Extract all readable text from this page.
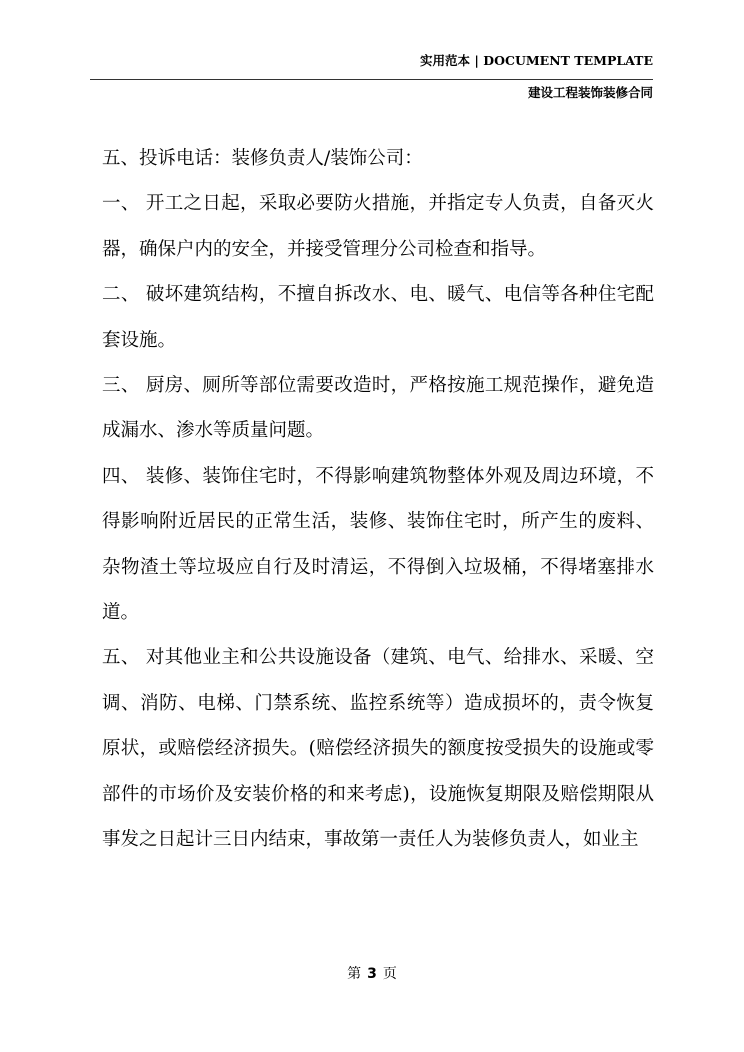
实用范本 | DOCUMENT TEMPLATE
建设工程装饰装修合同

五、投诉电话：装修负责人/装饰公司：

一、 开工之日起，采取必要防火措施，并指定专人负责，自备灭火器，确保户内的安全，并接受管理分公司检查和指导。

二、 破坏建筑结构，不擅自拆改水、电、暖气、电信等各种住宅配套设施。

三、 厨房、厕所等部位需要改造时，严格按施工规范操作，避免造成漏水、渗水等质量问题。

四、 装修、装饰住宅时，不得影响建筑物整体外观及周边环境，不得影响附近居民的正常生活，装修、装饰住宅时，所产生的废料、杂物渣土等垃圾应自行及时清运，不得倒入垃圾桶，不得堵塞排水道。

五、 对其他业主和公共设施设备（建筑、电气、给排水、采暖、空调、消防、电梯、门禁系统、监控系统等）造成损坏的，责令恢复原状，或赔偿经济损失。(赔偿经济损失的额度按受损失的设施或零部件的市场价及安装价格的和来考虑)，设施恢复期限及赔偿期限从事发之日起计三日内结束，事故第一责任人为装修负责人，如业主

第 3 页
